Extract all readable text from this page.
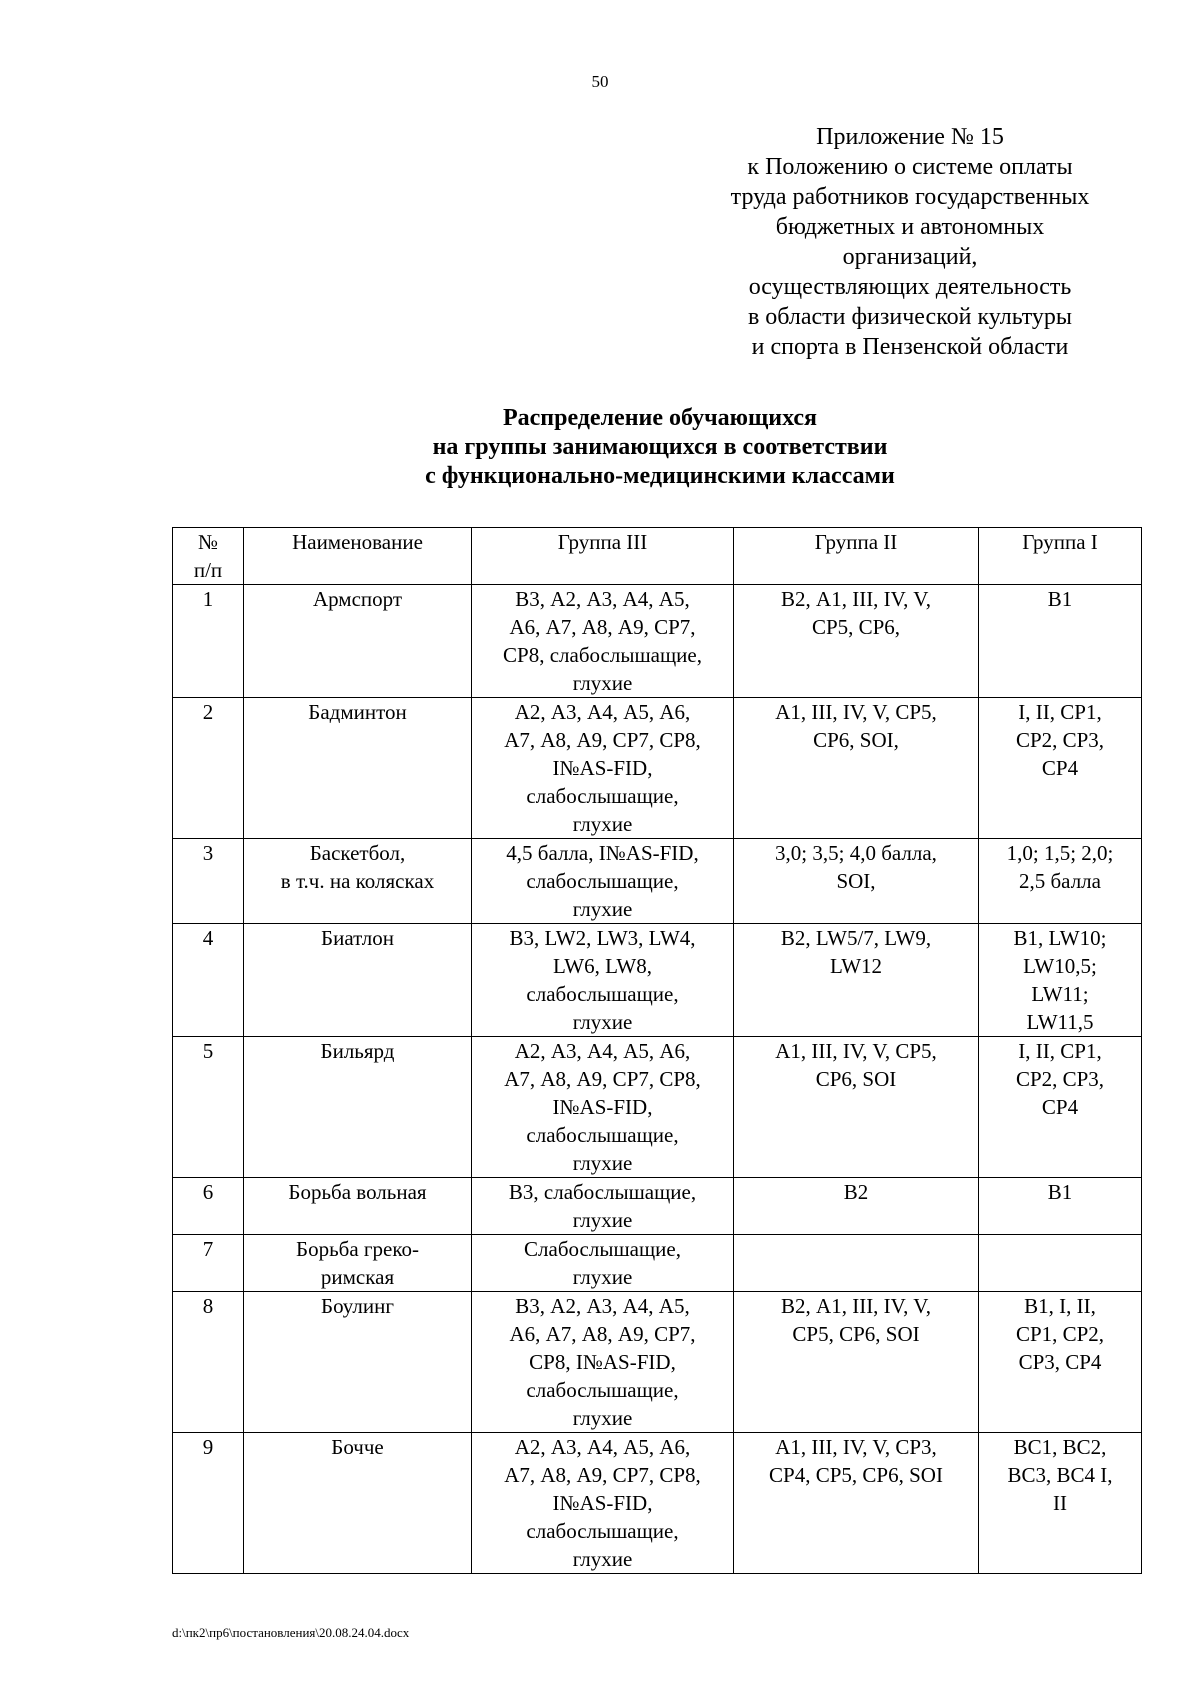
50
Приложение № 15
к Положению о системе оплаты
труда работников государственных
бюджетных и автономных
организаций,
осуществляющих деятельность
в области физической культуры
и спорта в Пензенской области
Распределение обучающихся
на группы занимающихся в соответствии
с функционально-медицинскими классами
№
п/п	Наименование	Группа III	Группа II	Группа I

1	Армспорт	В3, А2, А3, А4, А5,
А6, А7, А8, А9, СР7,
СР8, слабослышащие,
глухие	В2, А1, III, IV, V,
СР5, СР6,	В1

2	Бадминтон	А2, А3, А4, А5, А6,
А7, А8, А9, СР7, СР8,
I№AS-FID,
слабослышащие,
глухие	А1, III, IV, V, СР5,
СР6, SOI,	I, II, СР1,
СР2, СР3,
СР4

3	Баскетбол,
в т.ч. на колясках	4,5 балла, I№AS-FID,
слабослышащие,
глухие	3,0; 3,5; 4,0 балла,
SOI,	1,0; 1,5; 2,0;
2,5 балла

4	Биатлон	В3, LW2, LW3, LW4,
LW6, LW8,
слабослышащие,
глухие	В2, LW5/7, LW9,
LW12	В1, LW10;
LW10,5;
LW11;
LW11,5

5	Бильярд	А2, А3, А4, А5, А6,
А7, А8, А9, СР7, СР8,
I№AS-FID,
слабослышащие,
глухие	А1, III, IV, V, СР5,
СР6, SOI	I, II, СР1,
СР2, СР3,
СР4

6	Борьба вольная	В3, слабослышащие,
глухие	В2	В1

7	Борьба греко-
римская	Слабослышащие,
глухие		

8	Боулинг	В3, А2, А3, А4, А5,
А6, А7, А8, А9, СР7,
СР8, I№AS-FID,
слабослышащие,
глухие	В2, А1, III, IV, V,
СР5, СР6, SOI	В1, I, II,
СР1, СР2,
СР3, СР4

9	Бочче	А2, А3, А4, А5, А6,
А7, А8, А9, СР7, СР8,
I№AS-FID,
слабослышащие,
глухие	А1, III, IV, V, СР3,
СР4, СР5, СР6, SOI	ВС1, ВС2,
ВС3, ВС4 I,
II
d:\пк2\пр6\постановления\20.08.24.04.docx
